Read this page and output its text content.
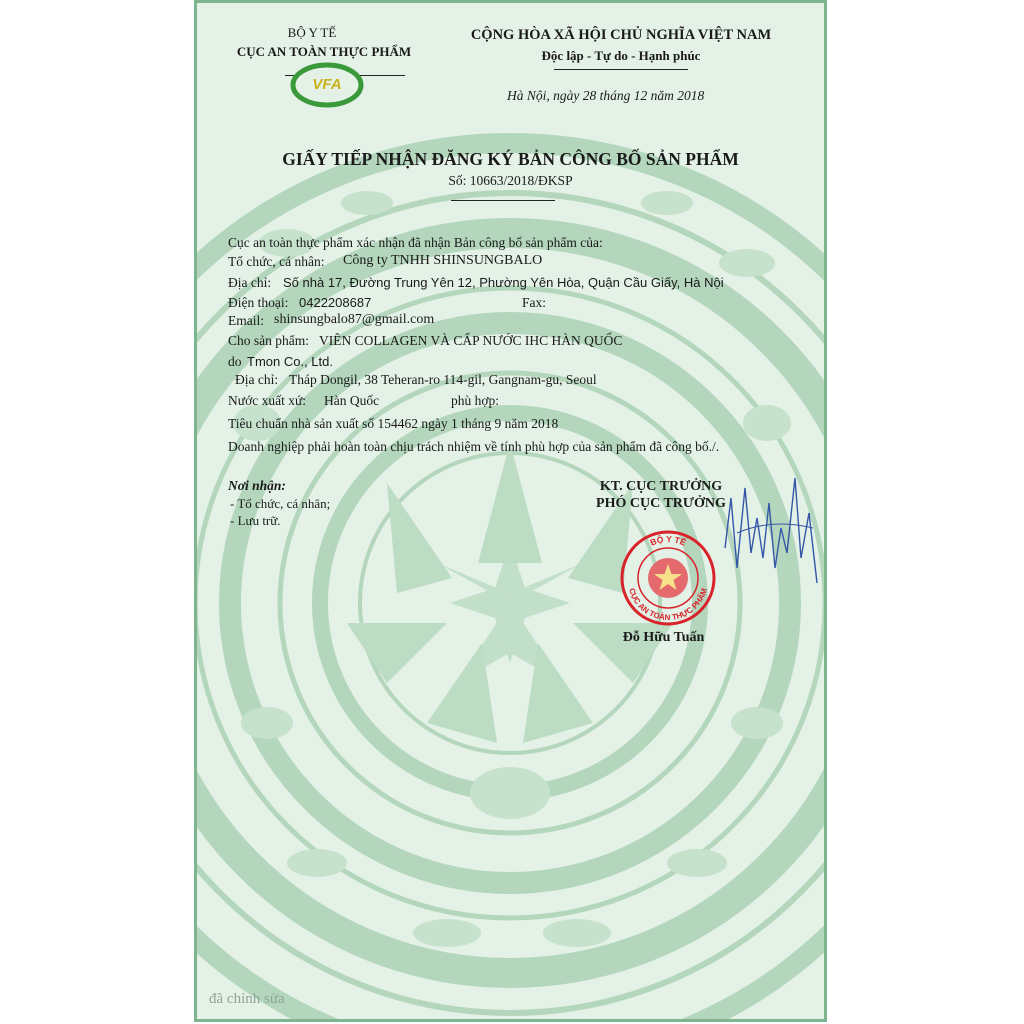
BỘ Y TẾ
CỤC AN TOÀN THỰC PHẨM
VFA
CỘNG HÒA XÃ HỘI CHỦ NGHĨA VIỆT NAM
Độc lập - Tự do - Hạnh phúc
Hà Nội, ngày 28 tháng 12 năm 2018
GIẤY TIẾP NHẬN ĐĂNG KÝ BẢN CÔNG BỐ SẢN PHẨM
Số: 10663/2018/ĐKSP
Cục an toàn thực phẩm xác nhận đã nhận Bản công bố sản phẩm của:
Tổ chức, cá nhân: Công ty TNHH SHINSUNGBALO
Địa chỉ: Số nhà 17, Đường Trung Yên 12, Phường Yên Hòa, Quận Cầu Giấy, Hà Nội
Điện thoại: 0422208687	Fax:
Email: shinsungbalo87@gmail.com
Cho sản phẩm: VIÊN COLLAGEN VÀ CẤP NƯỚC IHC HÀN QUỐC
do Tmon Co., Ltd.
Địa chỉ: Tháp Dongil, 38 Teheran-ro 114-gil, Gangnam-gu, Seoul
Nước xuất xứ: Hàn Quốc	phù hợp:
Tiêu chuẩn nhà sản xuất số 154462 ngày 1 tháng 9 năm 2018
Doanh nghiệp phải hoàn toàn chịu trách nhiệm về tính phù hợp của sản phẩm đã công bố./.
Nơi nhận:
- Tổ chức, cá nhân;
- Lưu trữ.
KT. CỤC TRƯỞNG
PHÓ CỤC TRƯỞNG
BỘ Y TẾ
CỤC AN TOÀN THỰC PHẨM
Đỗ Hữu Tuấn
đã chỉnh sửa
